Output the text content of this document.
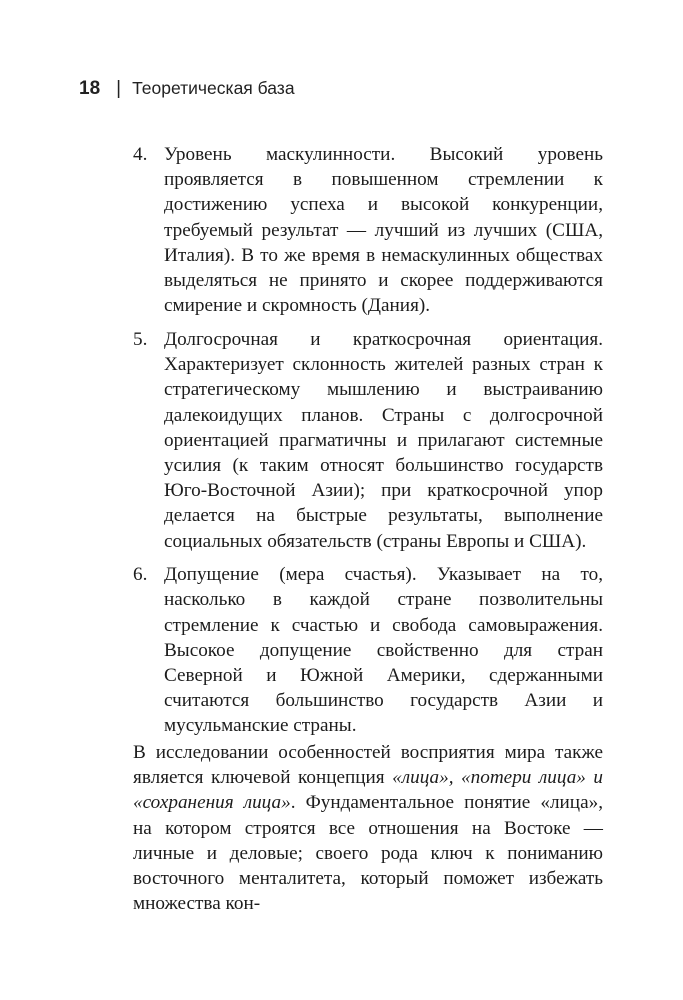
18 | Теоретическая база
4. Уровень маскулинности. Высокий уровень проявляется в повышенном стремлении к достижению успеха и высокой конкуренции, требуемый результат — лучший из лучших (США, Италия). В то же время в немаскулинных обществах выделяться не принято и скорее поддерживаются смирение и скромность (Дания).
5. Долгосрочная и краткосрочная ориентация. Характеризует склонность жителей разных стран к стратегическому мышлению и выстраиванию далекоидущих планов. Страны с долгосрочной ориентацией прагматичны и прилагают системные усилия (к таким относят большинство государств Юго-Восточной Азии); при краткосрочной упор делается на быстрые результаты, выполнение социальных обязательств (страны Европы и США).
6. Допущение (мера счастья). Указывает на то, насколько в каждой стране позволительны стремление к счастью и свобода самовыражения. Высокое допущение свойственно для стран Северной и Южной Америки, сдержанными считаются большинство государств Азии и мусульманские страны.

В исследовании особенностей восприятия мира также является ключевой концепция «лица», «потери лица» и «сохранения лица». Фундаментальное понятие «лица», на котором строятся все отношения на Востоке — личные и деловые; своего рода ключ к пониманию восточного менталитета, который поможет избежать множества кон-
